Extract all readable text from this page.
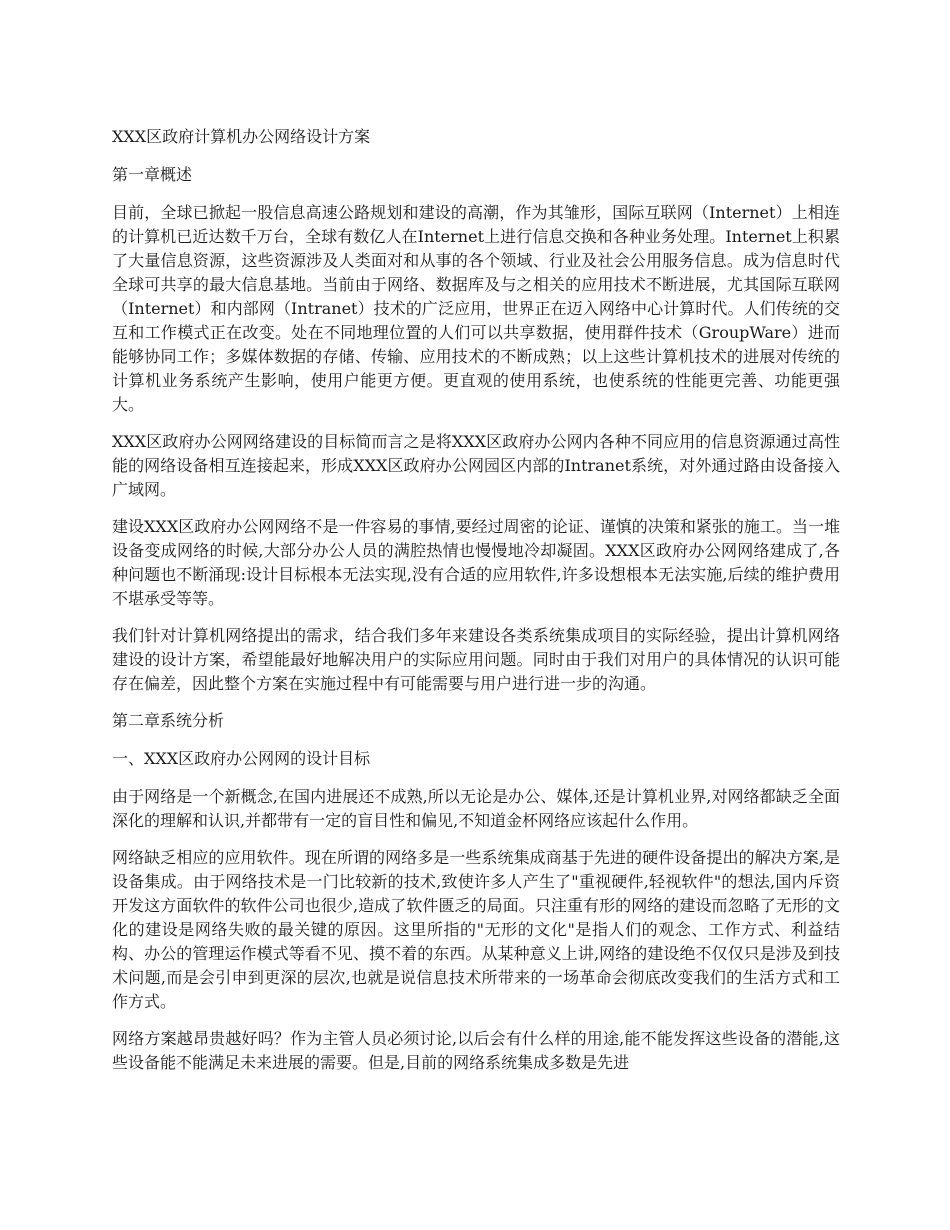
XXX区政府计算机办公网络设计方案

第一章概述

目前，全球已掀起一股信息高速公路规划和建设的高潮，作为其雏形，国际互联网（Internet）上相连的计算机已近达数千万台，全球有数亿人在Internet上进行信息交换和各种业务处理。Internet上积累了大量信息资源，这些资源涉及人类面对和从事的各个领域、行业及社会公用服务信息。成为信息时代全球可共享的最大信息基地。当前由于网络、数据库及与之相关的应用技术不断进展，尤其国际互联网（Internet）和内部网（Intranet）技术的广泛应用，世界正在迈入网络中心计算时代。人们传统的交互和工作模式正在改变。处在不同地理位置的人们可以共享数据，使用群件技术（GroupWare）进而能够协同工作；多媒体数据的存储、传输、应用技术的不断成熟；以上这些计算机技术的进展对传统的计算机业务系统产生影响，使用户能更方便。更直观的使用系统，也使系统的性能更完善、功能更强大。

XXX区政府办公网网络建设的目标简而言之是将XXX区政府办公网内各种不同应用的信息资源通过高性能的网络设备相互连接起来，形成XXX区政府办公网园区内部的Intranet系统，对外通过路由设备接入广域网。

建设XXX区政府办公网网络不是一件容易的事情,要经过周密的论证、谨慎的决策和紧张的施工。当一堆设备变成网络的时候,大部分办公人员的满腔热情也慢慢地冷却凝固。XXX区政府办公网网络建成了,各种问题也不断涌现:设计目标根本无法实现,没有合适的应用软件,许多设想根本无法实施,后续的维护费用不堪承受等等。

我们针对计算机网络提出的需求，结合我们多年来建设各类系统集成项目的实际经验，提出计算机网络建设的设计方案，希望能最好地解决用户的实际应用问题。同时由于我们对用户的具体情况的认识可能存在偏差，因此整个方案在实施过程中有可能需要与用户进行进一步的沟通。

第二章系统分析

一、XXX区政府办公网网的设计目标

由于网络是一个新概念,在国内进展还不成熟,所以无论是办公、媒体,还是计算机业界,对网络都缺乏全面深化的理解和认识,并都带有一定的盲目性和偏见,不知道金杯网络应该起什么作用。

网络缺乏相应的应用软件。现在所谓的网络多是一些系统集成商基于先进的硬件设备提出的解决方案,是设备集成。由于网络技术是一门比较新的技术,致使许多人产生了"重视硬件,轻视软件"的想法,国内斥资开发这方面软件的软件公司也很少,造成了软件匮乏的局面。只注重有形的网络的建设而忽略了无形的文化的建设是网络失败的最关键的原因。这里所指的"无形的文化"是指人们的观念、工作方式、利益结构、办公的管理运作模式等看不见、摸不着的东西。从某种意义上讲,网络的建设绝不仅仅只是涉及到技术问题,而是会引申到更深的层次,也就是说信息技术所带来的一场革命会彻底改变我们的生活方式和工作方式。

网络方案越昂贵越好吗？作为主管人员必须讨论,以后会有什么样的用途,能不能发挥这些设备的潜能,这些设备能不能满足未来进展的需要。但是,目前的网络系统集成多数是先进
